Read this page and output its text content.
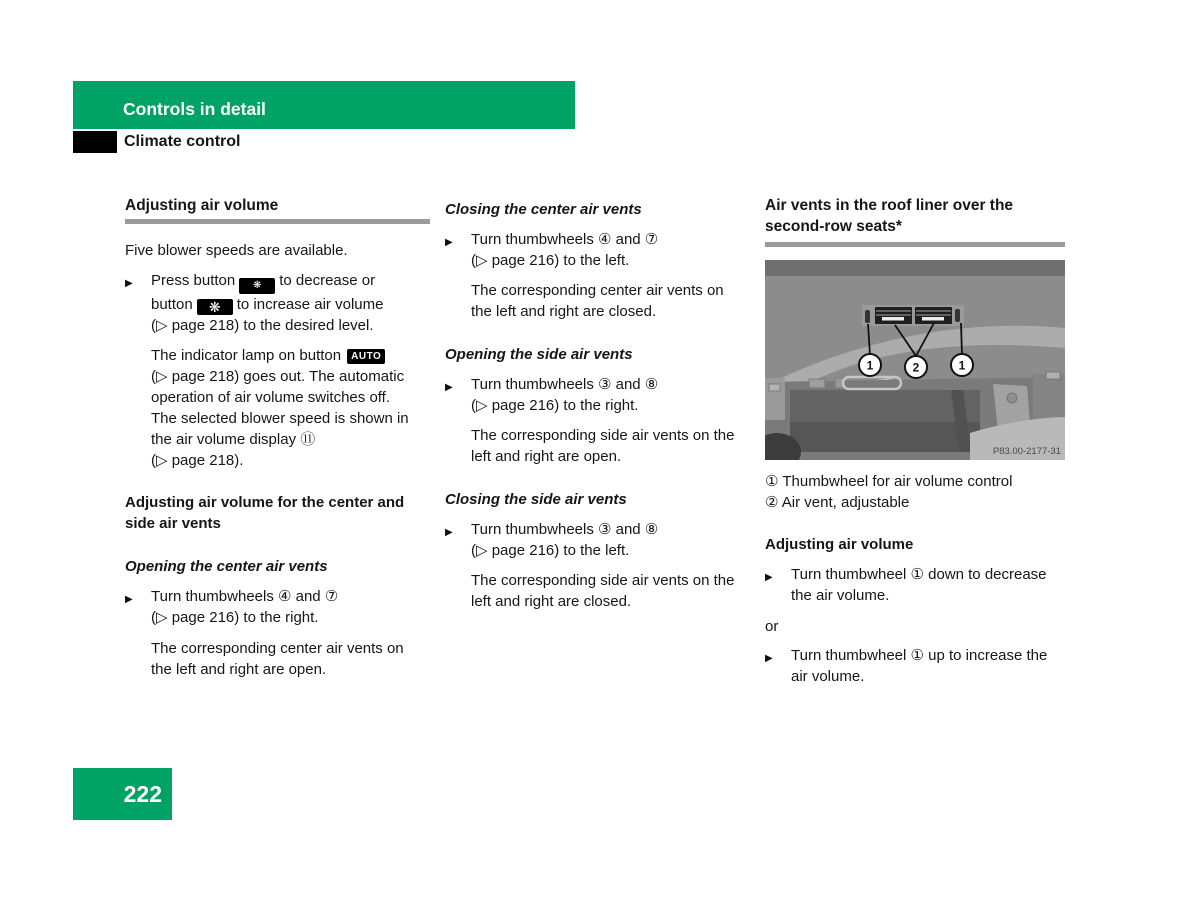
Controls in detail
Climate control
Adjusting air volume
Five blower speeds are available.
▶	Press button ❋ to decrease or
button ❋ to increase air volume
(▷ page 218) to the desired level.
The indicator lamp on button AUTO
(▷ page 218) goes out. The automatic
operation of air volume switches off.
The selected blower speed is shown in
the air volume display ⑪
(▷ page 218).
Adjusting air volume for the center and
side air vents
Opening the center air vents
▶	Turn thumbwheels ④ and ⑦
(▷ page 216) to the right.
The corresponding center air vents on
the left and right are open.
Closing the center air vents
▶	Turn thumbwheels ④ and ⑦
(▷ page 216) to the left.
The corresponding center air vents on
the left and right are closed.
Opening the side air vents
▶	Turn thumbwheels ③ and ⑧
(▷ page 216) to the right.
The corresponding side air vents on the
left and right are open.
Closing the side air vents
▶	Turn thumbwheels ③ and ⑧
(▷ page 216) to the left.
The corresponding side air vents on the
left and right are closed.
Air vents in the roof liner over the
second-row seats*
P83.00-2177-31
1	2	1
① Thumbwheel for air volume control
② Air vent, adjustable
Adjusting air volume
▶	Turn thumbwheel ① down to decrease
the air volume.
or
▶	Turn thumbwheel ① up to increase the
air volume.
222
